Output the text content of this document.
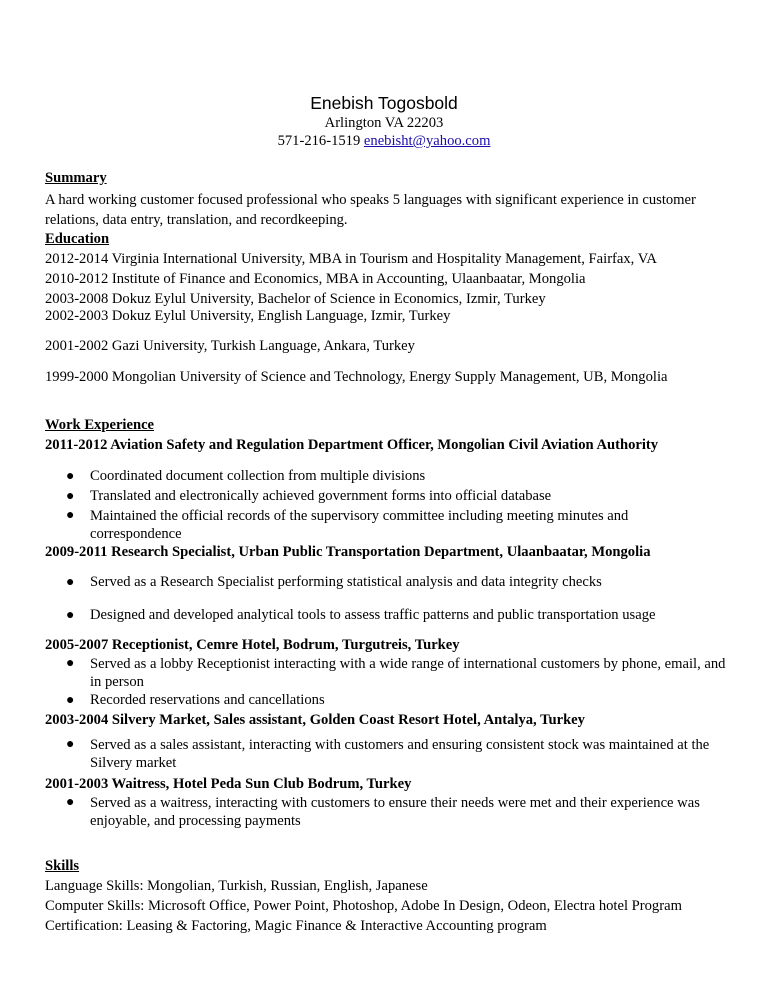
Enebish Togosbold
Arlington VA 22203
571-216-1519 enebisht@yahoo.com
Summary
A hard working customer focused professional who speaks 5 languages with significant experience in customer relations, data entry, translation, and recordkeeping.
Education
2012-2014 Virginia International University, MBA in Tourism and Hospitality Management, Fairfax, VA
2010-2012 Institute of Finance and Economics, MBA in Accounting, Ulaanbaatar, Mongolia
2003-2008 Dokuz Eylul University, Bachelor of Science in Economics, Izmir, Turkey
2002-2003 Dokuz Eylul University, English Language, Izmir, Turkey
2001-2002 Gazi University, Turkish Language, Ankara, Turkey
1999-2000 Mongolian University of Science and Technology, Energy Supply Management, UB, Mongolia
Work Experience
2011-2012 Aviation Safety and Regulation Department Officer, Mongolian Civil Aviation Authority
● Coordinated document collection from multiple divisions
● Translated and electronically achieved government forms into official database
● Maintained the official records of the supervisory committee including meeting minutes and correspondence
2009-2011 Research Specialist, Urban Public Transportation Department, Ulaanbaatar, Mongolia
● Served as a Research Specialist performing statistical analysis and data integrity checks
● Designed and developed analytical tools to assess traffic patterns and public transportation usage
2005-2007 Receptionist, Cemre Hotel, Bodrum, Turgutreis, Turkey
● Served as a lobby Receptionist interacting with a wide range of international customers by phone, email, and in person
● Recorded reservations and cancellations
2003-2004 Silvery Market, Sales assistant, Golden Coast Resort Hotel, Antalya, Turkey
● Served as a sales assistant, interacting with customers and ensuring consistent stock was maintained at the Silvery market
2001-2003 Waitress, Hotel Peda Sun Club Bodrum, Turkey
● Served as a waitress, interacting with customers to ensure their needs were met and their experience was enjoyable, and processing payments
Skills
Language Skills: Mongolian, Turkish, Russian, English, Japanese
Computer Skills: Microsoft Office, Power Point, Photoshop, Adobe In Design, Odeon, Electra hotel Program
Certification: Leasing & Factoring, Magic Finance & Interactive Accounting program
